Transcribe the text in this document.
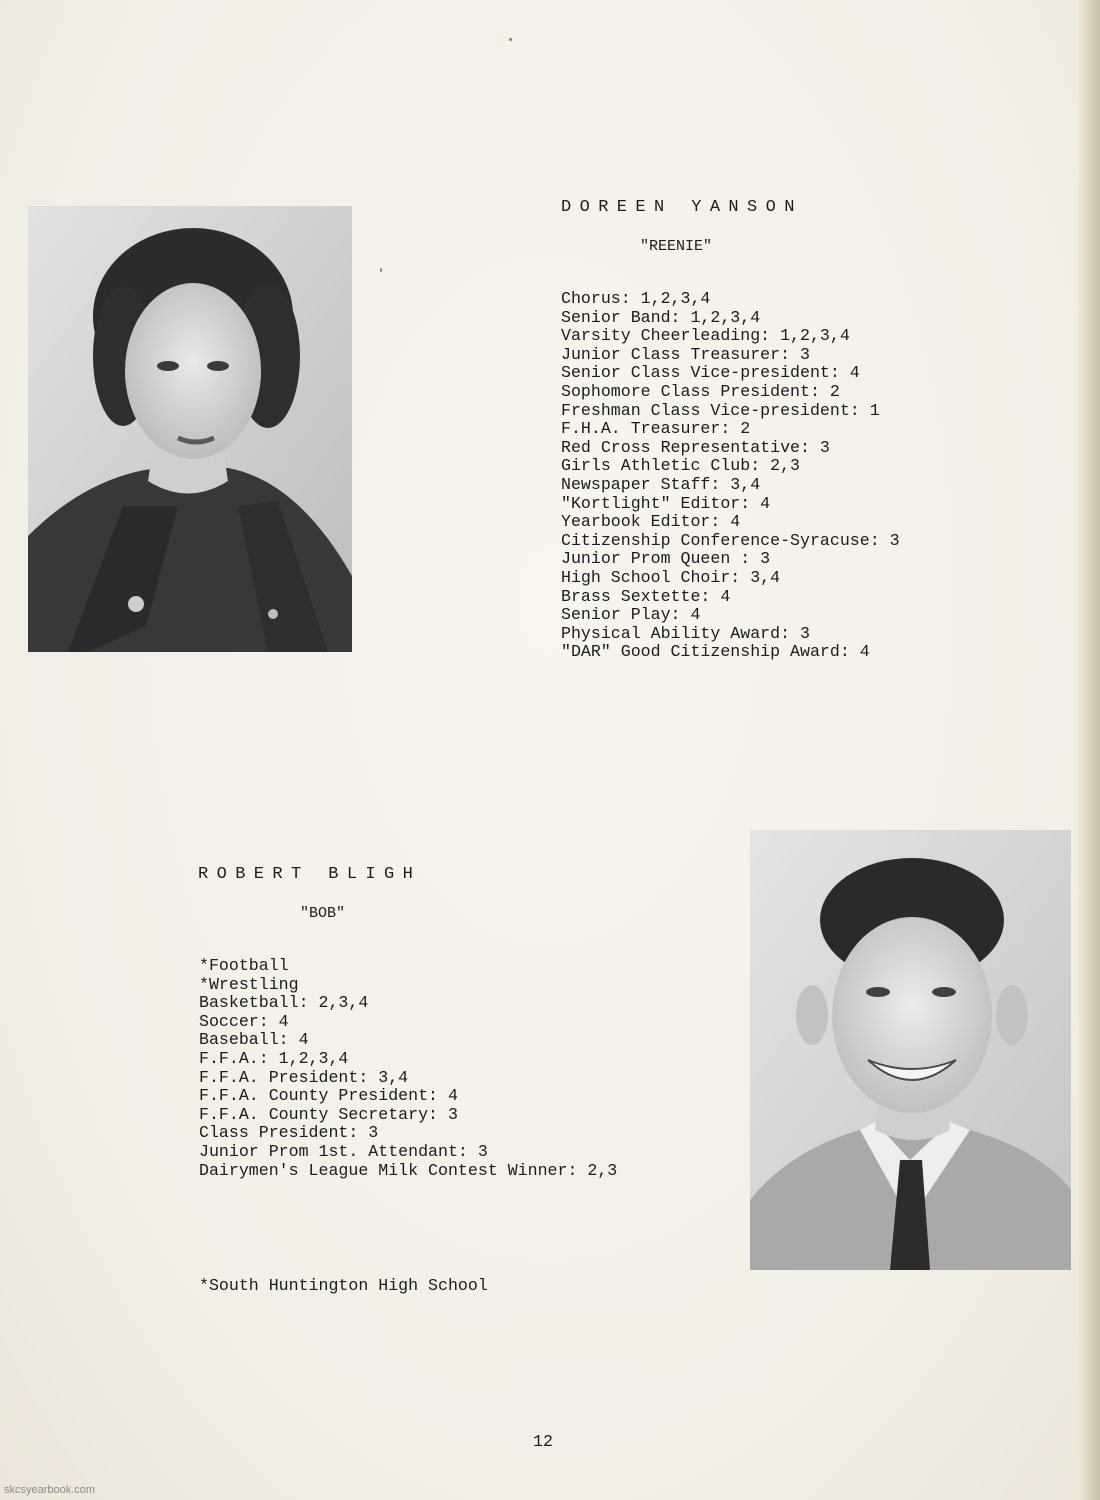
DOREEN YANSON
"REENIE"
Chorus: 1,2,3,4
Senior Band: 1,2,3,4
Varsity Cheerleading: 1,2,3,4
Junior Class Treasurer: 3
Senior Class Vice-president: 4
Sophomore Class President: 2
Freshman Class Vice-president: 1
F.H.A. Treasurer: 2
Red Cross Representative: 3
Girls Athletic Club: 2,3
Newspaper Staff: 3,4
"Kortlight" Editor: 4
Yearbook Editor: 4
Citizenship Conference-Syracuse: 3
Junior Prom Queen : 3
High School Choir: 3,4
Brass Sextette: 4
Senior Play: 4
Physical Ability Award: 3
"DAR" Good Citizenship Award: 4
ROBERT BLIGH
"BOB"
*Football
*Wrestling
Basketball: 2,3,4
Soccer: 4
Baseball: 4
F.F.A.: 1,2,3,4
F.F.A. President: 3,4
F.F.A. County President: 4
F.F.A. County Secretary: 3
Class President: 3
Junior Prom 1st. Attendant: 3
Dairymen's League Milk Contest Winner: 2,3
*South Huntington High School
12
skcsyearbook.com
